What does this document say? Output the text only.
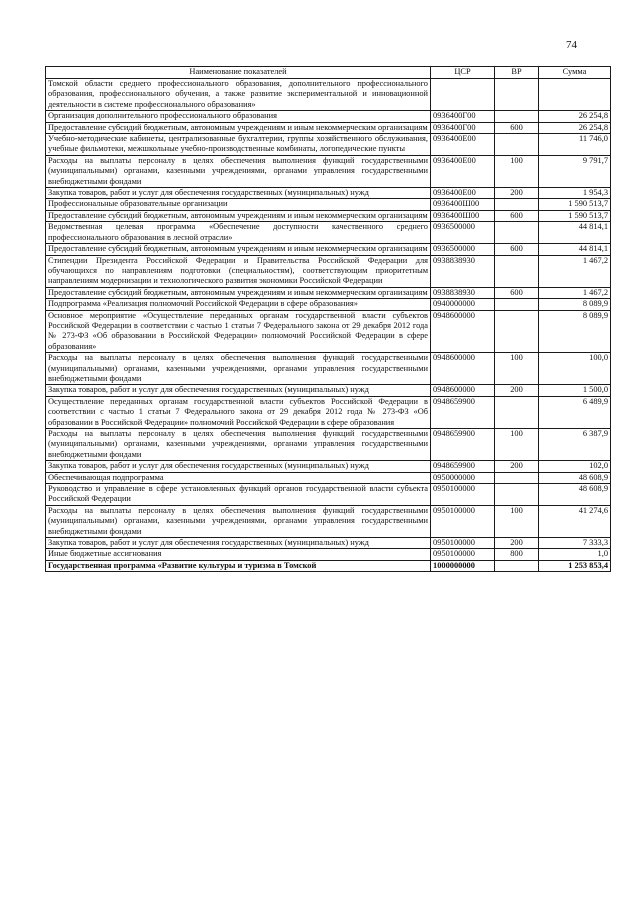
74
Наименование показателей	ЦСР	ВР	Сумма
Томской области среднего профессионального образования, дополнительного профессионального образования, профессионального обучения, а также развитие экспериментальной и инновационной деятельности в системе профессионального образования»			
Организация дополнительного профессионального образования	0936400Г00		26 254,8
Предоставление субсидий бюджетным, автономным учреждениям и иным некоммерческим организациям	0936400Г00	600	26 254,8
Учебно-методические кабинеты, централизованные бухгалтерии, группы хозяйственного обслуживания, учебные фильмотеки, межшкольные учебно-производственные комбинаты, логопедические пункты	0936400Е00		11 746,0
Расходы на выплаты персоналу в целях обеспечения выполнения функций государственными (муниципальными) органами, казенными учреждениями, органами управления государственными внебюджетными фондами	0936400Е00	100	9 791,7
Закупка товаров, работ и услуг для обеспечения государственных (муниципальных) нужд	0936400Е00	200	1 954,3
Профессиональные образовательные организации	0936400Ш00		1 590 513,7
Предоставление субсидий бюджетным, автономным учреждениям и иным некоммерческим организациям	0936400Ш00	600	1 590 513,7
Ведомственная целевая программа «Обеспечение доступности качественного среднего профессионального образования в лесной отрасли»	0936500000		44 814,1
Предоставление субсидий бюджетным, автономным учреждениям и иным некоммерческим организациям	0936500000	600	44 814,1
Стипендии Президента Российской Федерации и Правительства Российской Федерации для обучающихся по направлениям подготовки (специальностям), соответствующим приоритетным направлениям модернизации и технологического развития экономики Российской Федерации	0938838930		1 467,2
Предоставление субсидий бюджетным, автономным учреждениям и иным некоммерческим организациям	0938838930	600	1 467,2
Подпрограмма «Реализация полномочий Российской Федерации в сфере образования»	0940000000		8 089,9
Основное мероприятие «Осуществление переданных органам государственной власти субъектов Российской Федерации в соответствии с частью 1 статьи 7 Федерального закона от 29 декабря 2012 года № 273-ФЗ «Об образовании в Российской Федерации» полномочий Российской Федерации в сфере образования»	0948600000		8 089,9
Расходы на выплаты персоналу в целях обеспечения выполнения функций государственными (муниципальными) органами, казенными учреждениями, органами управления государственными внебюджетными фондами	0948600000	100	100,0
Закупка товаров, работ и услуг для обеспечения государственных (муниципальных) нужд	0948600000	200	1 500,0
Осуществление переданных органам государственной власти субъектов Российской Федерации в соответствии с частью 1 статьи 7 Федерального закона от 29 декабря 2012 года № 273-ФЗ «Об образовании в Российской Федерации» полномочий Российской Федерации в сфере образования	0948659900		6 489,9
Расходы на выплаты персоналу в целях обеспечения выполнения функций государственными (муниципальными) органами, казенными учреждениями, органами управления государственными внебюджетными фондами	0948659900	100	6 387,9
Закупка товаров, работ и услуг для обеспечения государственных (муниципальных) нужд	0948659900	200	102,0
Обеспечивающая подпрограмма	0950000000		48 608,9
Руководство и управление в сфере установленных функций органов государственной власти субъекта Российской Федерации	0950100000		48 608,9
Расходы на выплаты персоналу в целях обеспечения выполнения функций государственными (муниципальными) органами, казенными учреждениями, органами управления государственными внебюджетными фондами	0950100000	100	41 274,6
Закупка товаров, работ и услуг для обеспечения государственных (муниципальных) нужд	0950100000	200	7 333,3
Иные бюджетные ассигнования	0950100000	800	1,0
Государственная программа «Развитие культуры и туризма в Томской	1000000000		1 253 853,4
